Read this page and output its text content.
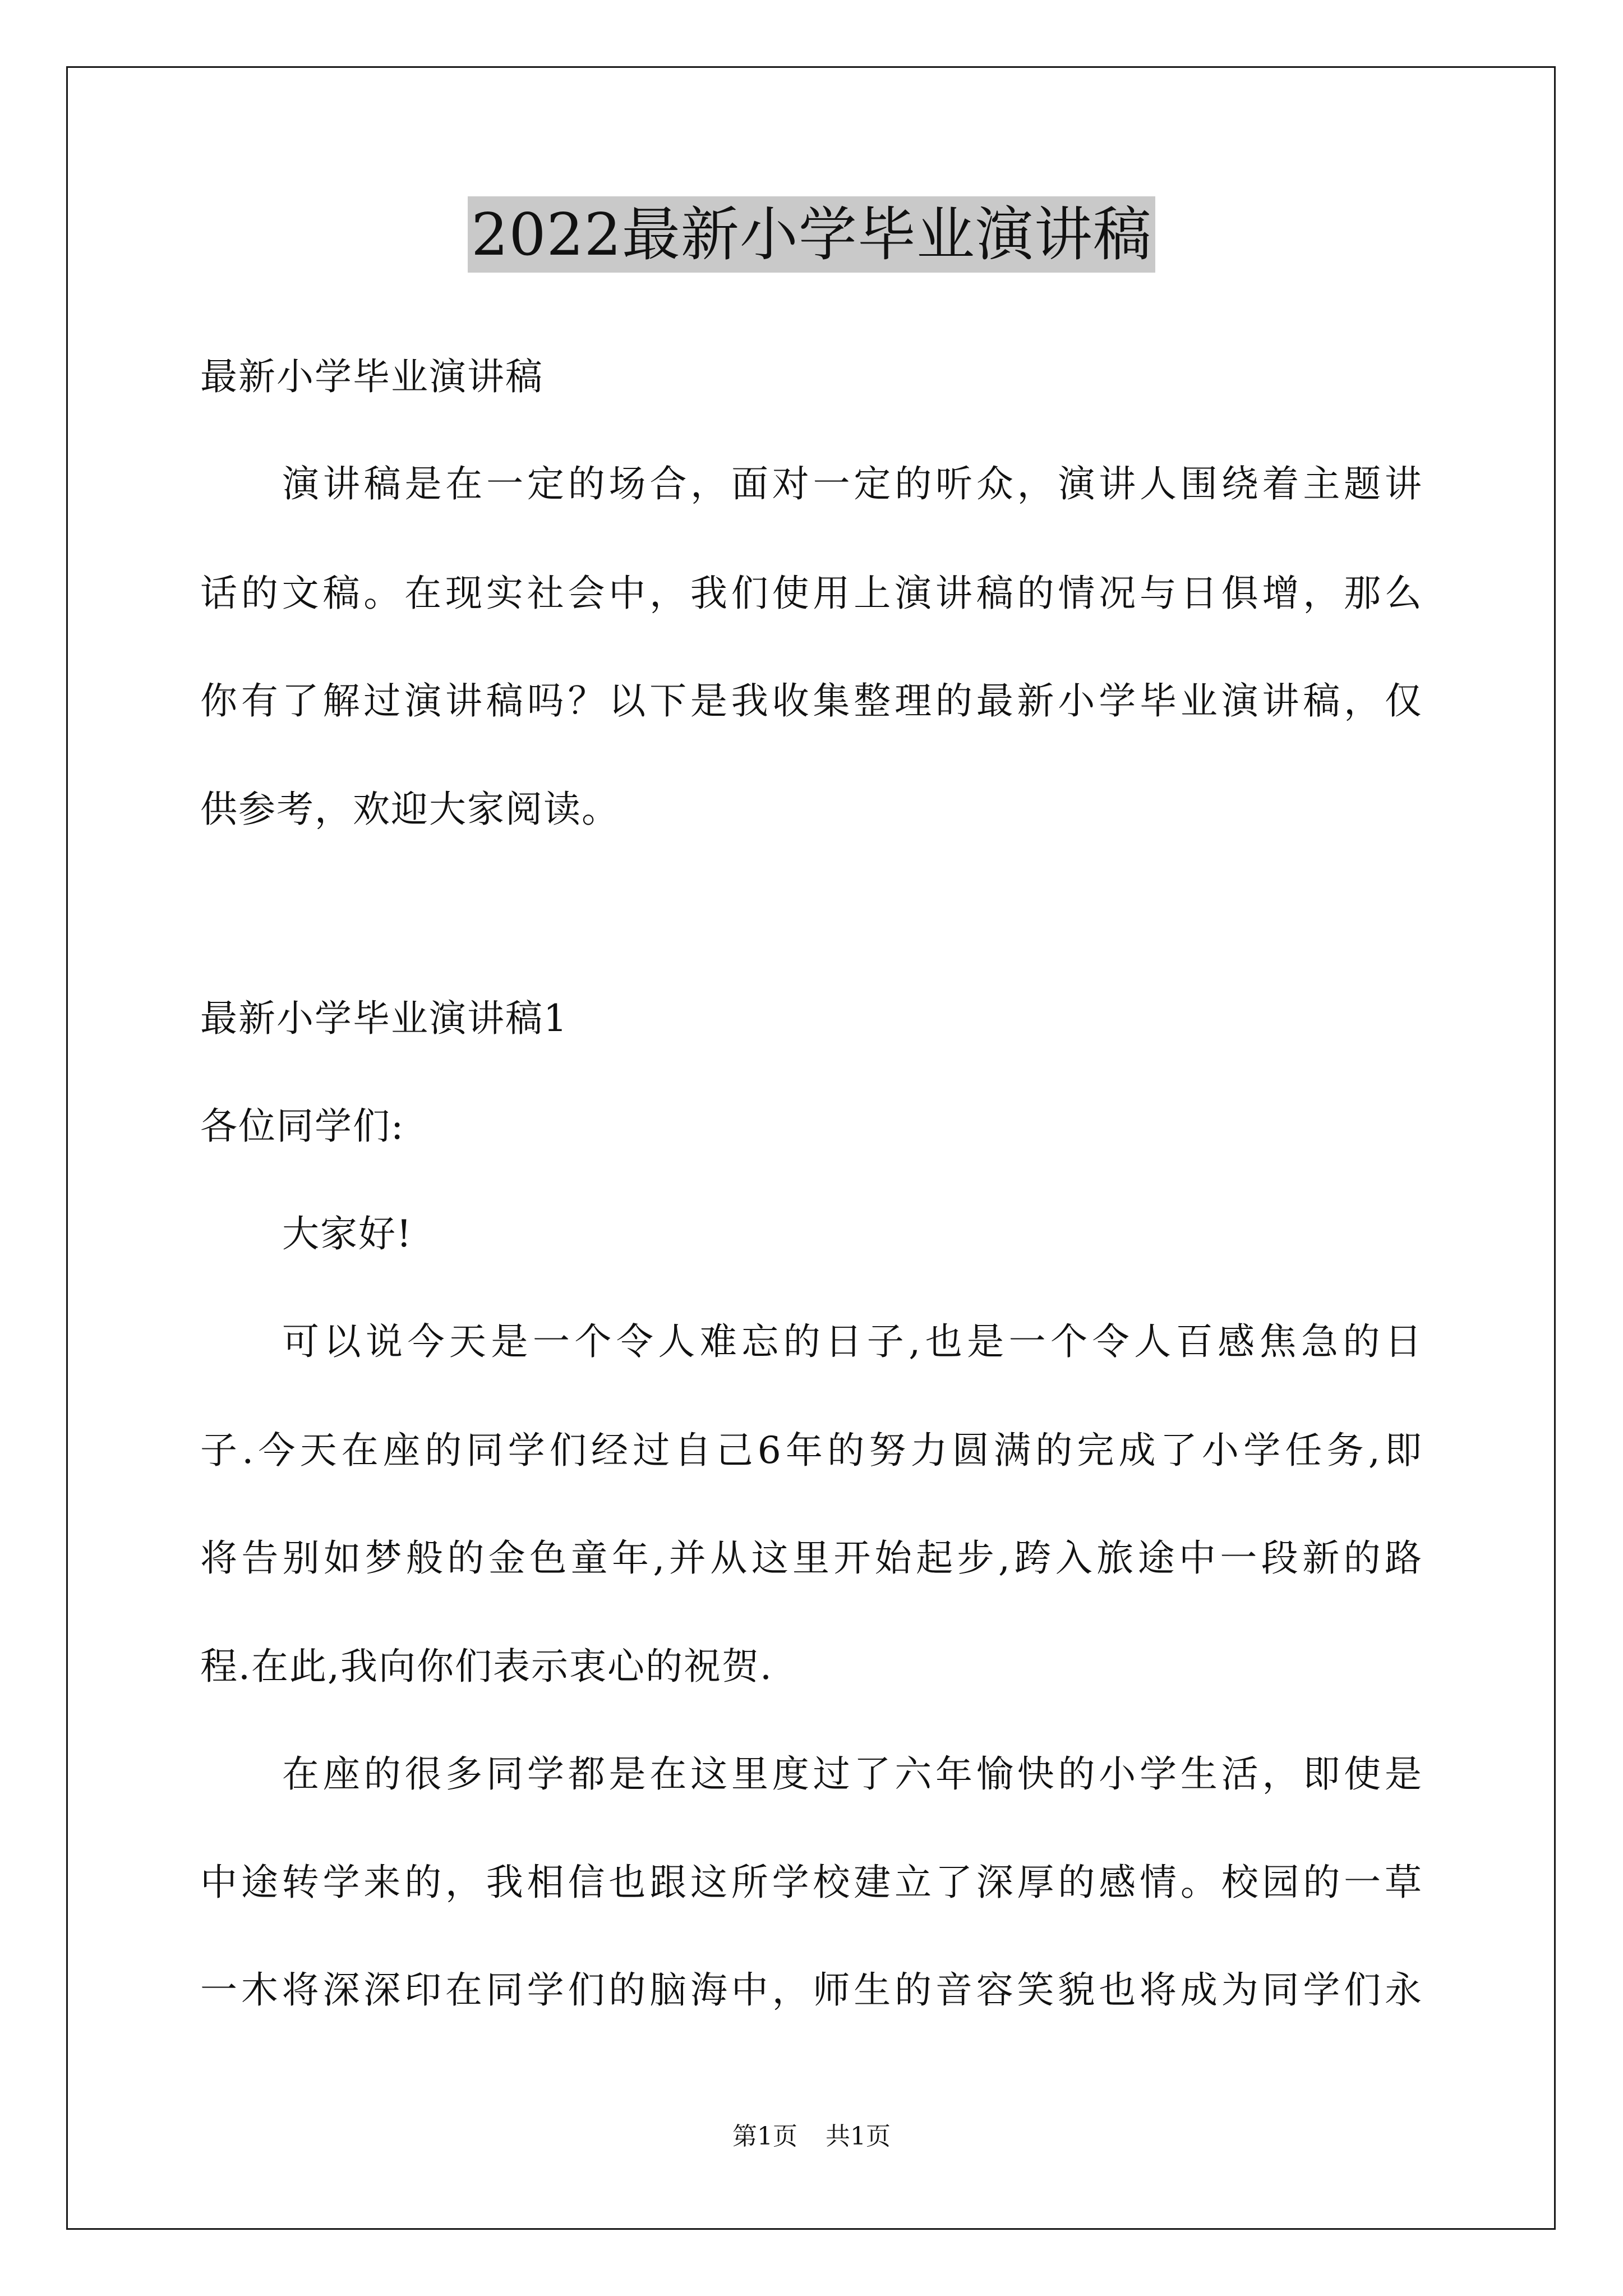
2022最新小学毕业演讲稿
最新小学毕业演讲稿
演讲稿是在一定的场合，面对一定的听众，演讲人围绕着主题讲
话的文稿。在现实社会中，我们使用上演讲稿的情况与日俱增，那么
你有了解过演讲稿吗？以下是我收集整理的最新小学毕业演讲稿，仅
供参考，欢迎大家阅读。
最新小学毕业演讲稿1
各位同学们:
大家好!
可以说今天是一个令人难忘的日子,也是一个令人百感焦急的日
子.今天在座的同学们经过自己6年的努力圆满的完成了小学任务,即
将告别如梦般的金色童年,并从这里开始起步,跨入旅途中一段新的路
程.在此,我向你们表示衷心的祝贺.
在座的很多同学都是在这里度过了六年愉快的小学生活，即使是
中途转学来的，我相信也跟这所学校建立了深厚的感情。校园的一草
一木将深深印在同学们的脑海中，师生的音容笑貌也将成为同学们永
第1页 共1页
